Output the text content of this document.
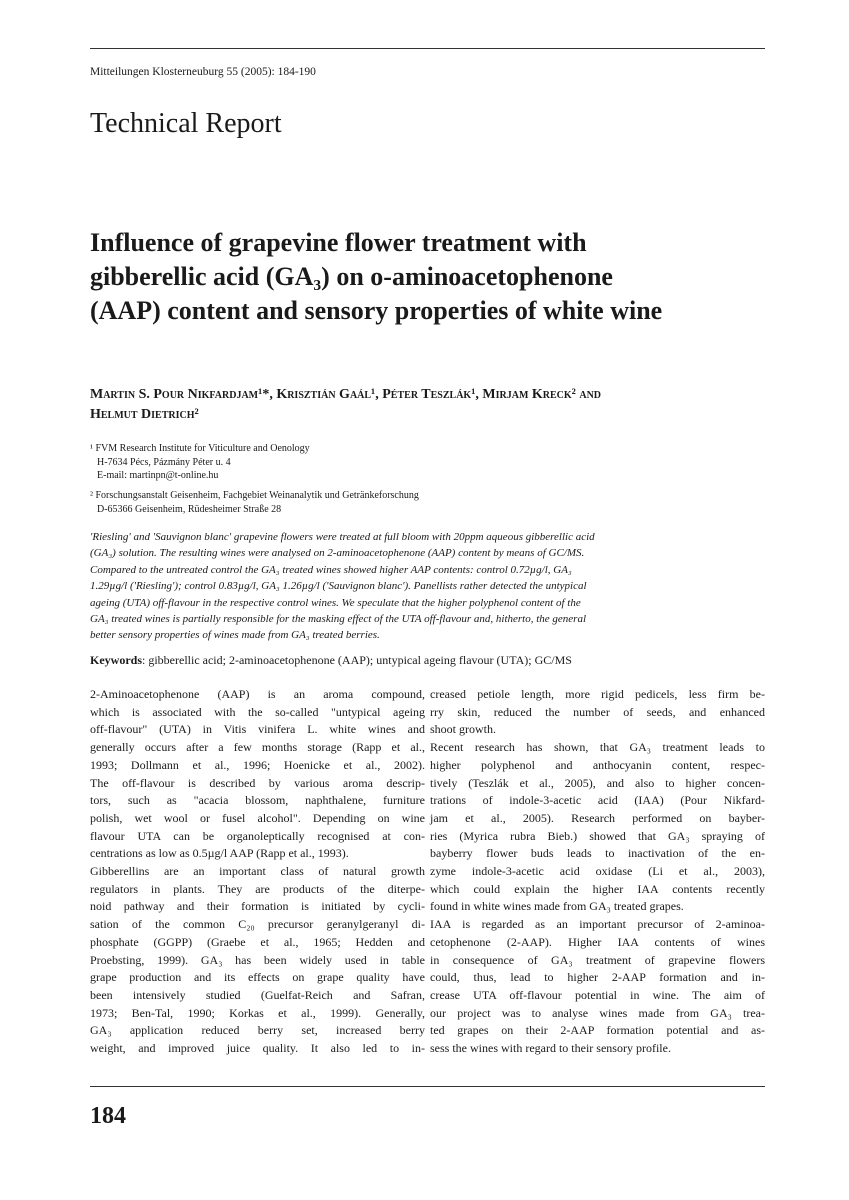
Mitteilungen Klosterneuburg 55 (2005): 184-190
Technical Report
Influence of grapevine flower treatment with
gibberellic acid (GA₃) on o-aminoacetophenone
(AAP) content and sensory properties of white wine
Martin S. Pour Nikfardjam¹*, Krisztián Gaál¹, Péter Teszlák¹, Mirjam Kreck² and
Helmut Dietrich²
¹ FVM Research Institute for Viticulture and Oenology
H-7634 Pécs, Pázmány Péter u. 4
E-mail: martinpn@t-online.hu
² Forschungsanstalt Geisenheim, Fachgebiet Weinanalytik und Getränkeforschung
D-65366 Geisenheim, Rüdesheimer Straße 28
'Riesling' and 'Sauvignon blanc' grapevine flowers were treated at full bloom with 20ppm aqueous gibberellic acid
(GA₃) solution. The resulting wines were analysed on 2-aminoacetophenone (AAP) content by means of GC/MS.
Compared to the untreated control the GA₃ treated wines showed higher AAP contents: control 0.72µg/l, GA₃
1.29µg/l ('Riesling'); control 0.83µg/l, GA₃ 1.26µg/l ('Sauvignon blanc'). Panellists rather detected the untypical
ageing (UTA) off-flavour in the respective control wines. We speculate that the higher polyphenol content of the
GA₃ treated wines is partially responsible for the masking effect of the UTA off-flavour and, hitherto, the general
better sensory properties of wines made from GA₃ treated berries.
Keywords: gibberellic acid; 2-aminoacetophenone (AAP); untypical ageing flavour (UTA); GC/MS
2-Aminoacetophenone (AAP) is an aroma compound,
which is associated with the so-called "untypical ageing
off-flavour" (UTA) in Vitis vinifera L. white wines and
generally occurs after a few months storage (Rapp et al.,
1993; Dollmann et al., 1996; Hoenicke et al., 2002).
The off-flavour is described by various aroma descrip-
tors, such as "acacia blossom, naphthalene, furniture
polish, wet wool or fusel alcohol". Depending on wine
flavour UTA can be organoleptically recognised at con-
centrations as low as 0.5µg/l AAP (Rapp et al., 1993).
Gibberellins are an important class of natural growth
regulators in plants. They are products of the diterpe-
noid pathway and their formation is initiated by cycli-
sation of the common C₂₀ precursor geranylgeranyl di-
phosphate (GGPP) (Graebe et al., 1965; Hedden and
Proebsting, 1999). GA₃ has been widely used in table
grape production and its effects on grape quality have
been intensively studied (Guelfat-Reich and Safran,
1973; Ben-Tal, 1990; Korkas et al., 1999). Generally,
GA₃ application reduced berry set, increased berry
weight, and improved juice quality. It also led to in-
creased petiole length, more rigid pedicels, less firm be-
rry skin, reduced the number of seeds, and enhanced
shoot growth.
Recent research has shown, that GA₃ treatment leads to
higher polyphenol and anthocyanin content, respec-
tively (Teszlák et al., 2005), and also to higher concen-
trations of indole-3-acetic acid (IAA) (Pour Nikfard-
jam et al., 2005). Research performed on bayber-
ries (Myrica rubra Bieb.) showed that GA₃ spraying of
bayberry flower buds leads to inactivation of the en-
zyme indole-3-acetic acid oxidase (Li et al., 2003),
which could explain the higher IAA contents recently
found in white wines made from GA₃ treated grapes.
IAA is regarded as an important precursor of 2-aminoa-
cetophenone (2-AAP). Higher IAA contents of wines
in consequence of GA₃ treatment of grapevine flowers
could, thus, lead to higher 2-AAP formation and in-
crease UTA off-flavour potential in wine. The aim of
our project was to analyse wines made from GA₃ trea-
ted grapes on their 2-AAP formation potential and as-
sess the wines with regard to their sensory profile.
184
